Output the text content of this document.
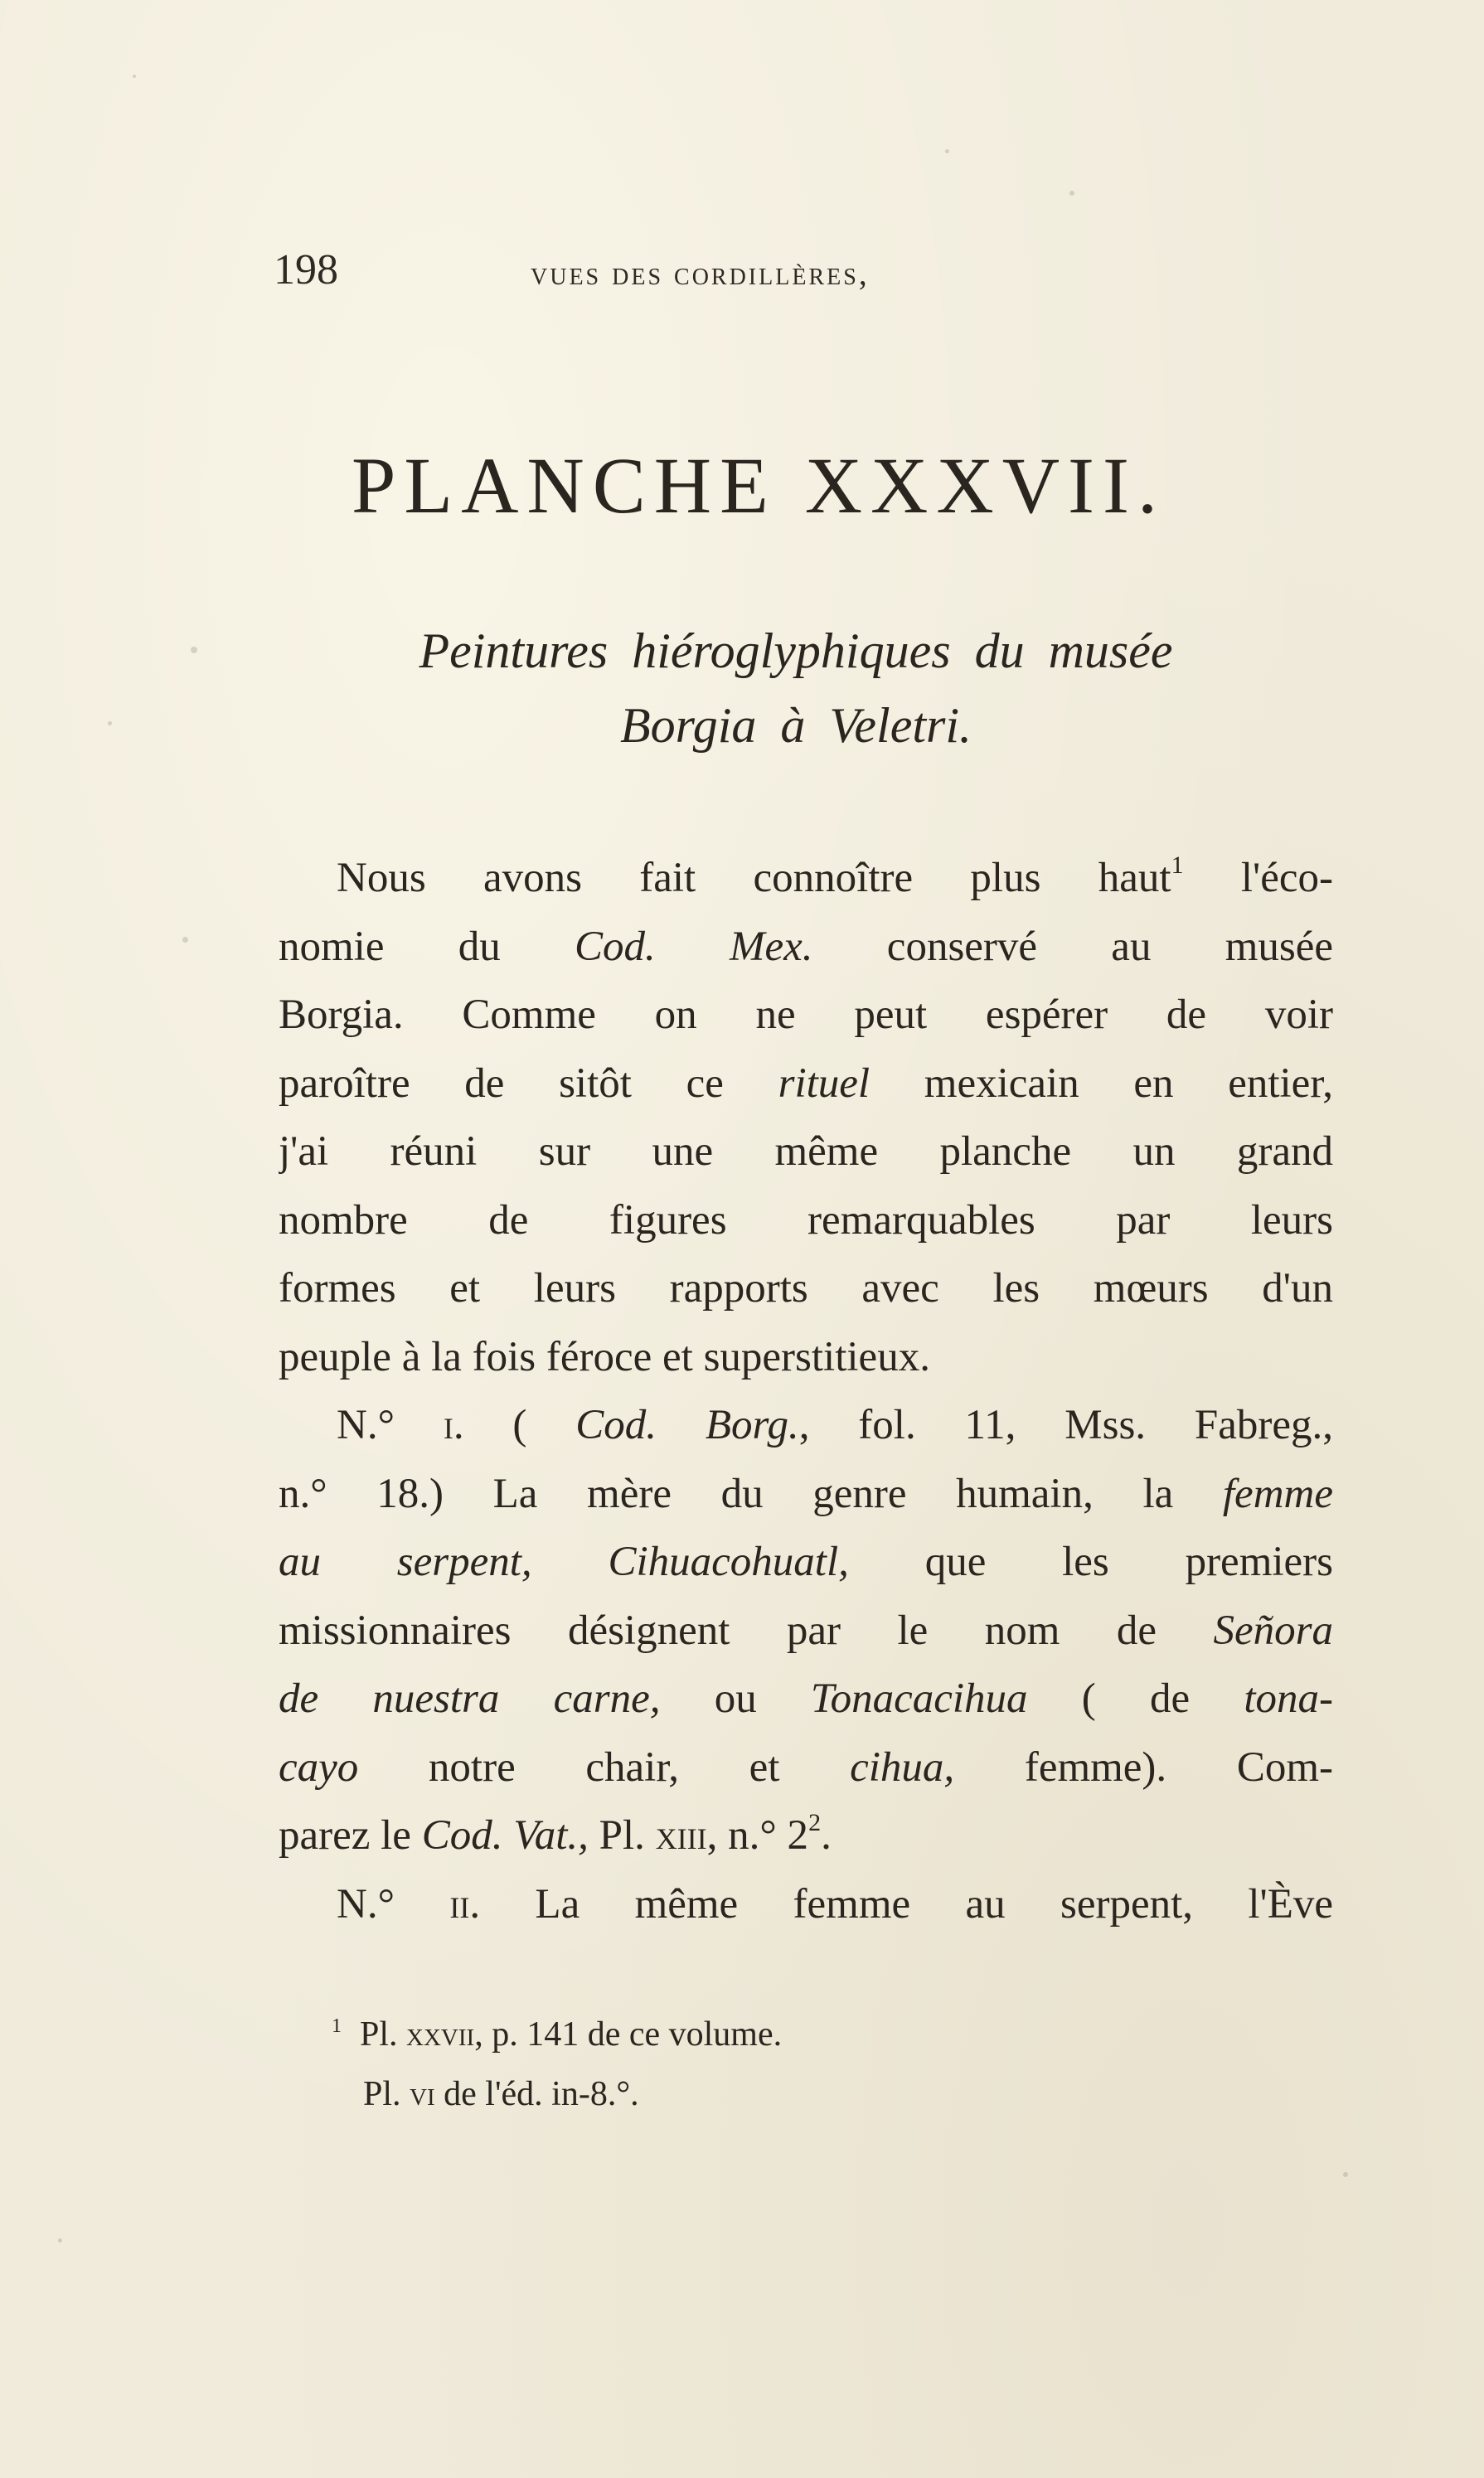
198	vues des cordillères,
PLANCHE XXXVII.
Peintures hiéroglyphiques du musée
Borgia à Veletri.

Nous avons fait connoître plus haut$^1$ l'éco-

nomie du Cod. Mex. conservé au musée

Borgia. Comme on ne peut espérer de voir

paroître de sitôt ce rituel mexicain en entier,

j'ai réuni sur une même planche un grand

nombre de figures remarquables par leurs

formes et leurs rapports avec les mœurs d'un

peuple à la fois féroce et superstitieux.

N.° i. ( Cod. Borg., fol. 11, Mss. Fabreg.,

n.° 18.) La mère du genre humain, la femme

au serpent, Cihuacohuatl, que les premiers

missionnaires désignent par le nom de Señora

de nuestra carne, ou Tonacacihua ( de tona-

cayo notre chair, et cihua, femme). Com-

parez le Cod. Vat., Pl. xiii, n.° $2^2$.

N.° ii. La même femme au serpent, l'Ève

$^1$ Pl. xxvii, p. 141 de ce volume.

Pl. vi de l'éd. in-8.°.
